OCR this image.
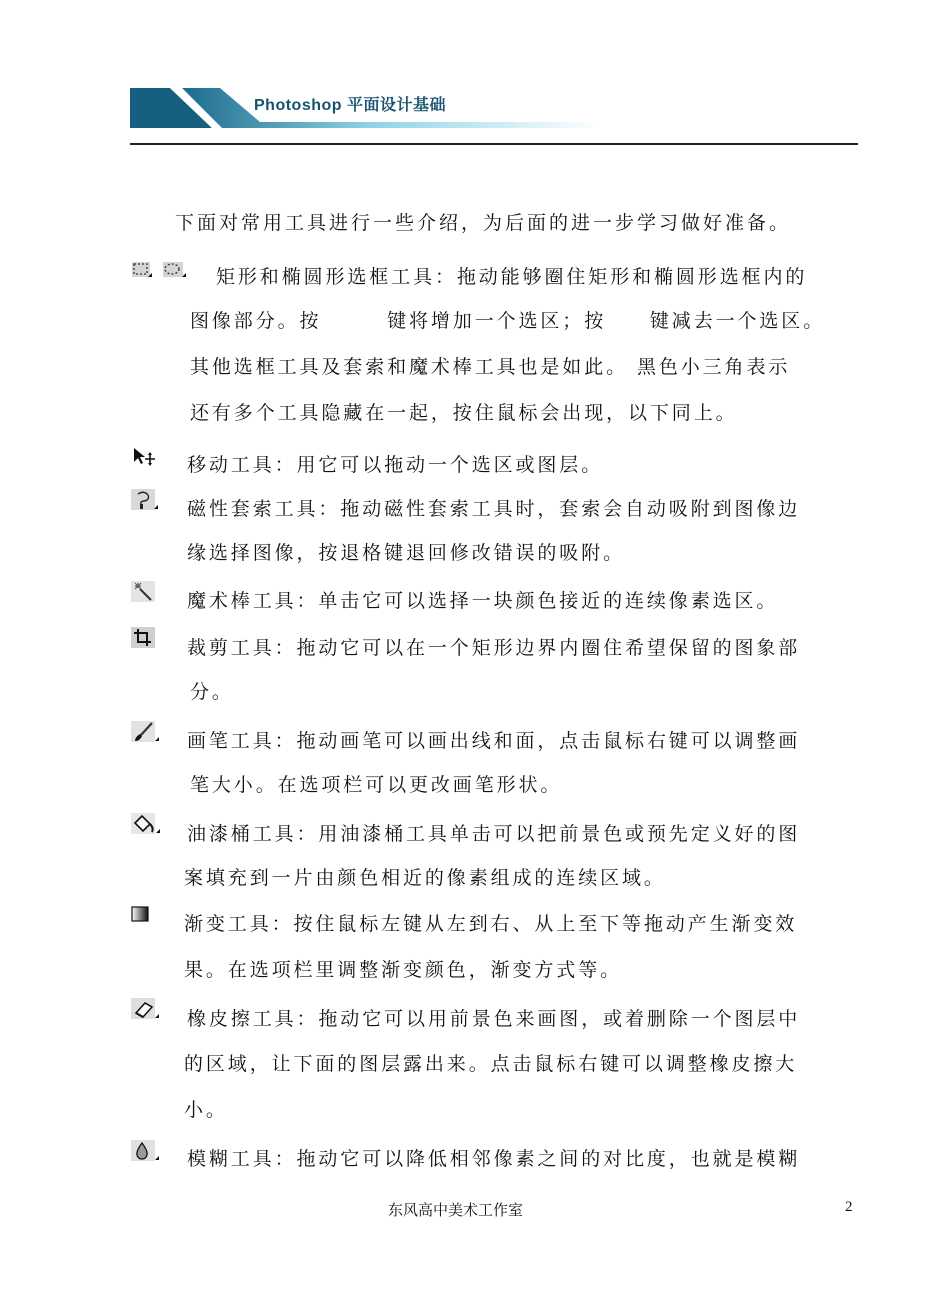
Photoshop 平面设计基础
下面对常用工具进行一些介绍，为后面的进一步学习做好准备。
矩形和椭圆形选框工具：拖动能够圈住矩形和椭圆形选框内的
图像部分。按　　　键将增加一个选区；按　　键减去一个选区。
其他选框工具及套索和魔术棒工具也是如此。 黑色小三角表示
还有多个工具隐藏在一起，按住鼠标会出现，以下同上。
移动工具：用它可以拖动一个选区或图层。
磁性套索工具：拖动磁性套索工具时，套索会自动吸附到图像边
缘选择图像，按退格键退回修改错误的吸附。
魔术棒工具：单击它可以选择一块颜色接近的连续像素选区。
裁剪工具：拖动它可以在一个矩形边界内圈住希望保留的图象部
分。
画笔工具：拖动画笔可以画出线和面，点击鼠标右键可以调整画
笔大小。在选项栏可以更改画笔形状。
油漆桶工具：用油漆桶工具单击可以把前景色或预先定义好的图
案填充到一片由颜色相近的像素组成的连续区域。
渐变工具：按住鼠标左键从左到右、从上至下等拖动产生渐变效
果。在选项栏里调整渐变颜色，渐变方式等。
橡皮擦工具：拖动它可以用前景色来画图，或着删除一个图层中
的区域，让下面的图层露出来。点击鼠标右键可以调整橡皮擦大
小。
模糊工具：拖动它可以降低相邻像素之间的对比度，也就是模糊
东风高中美术工作室	2
